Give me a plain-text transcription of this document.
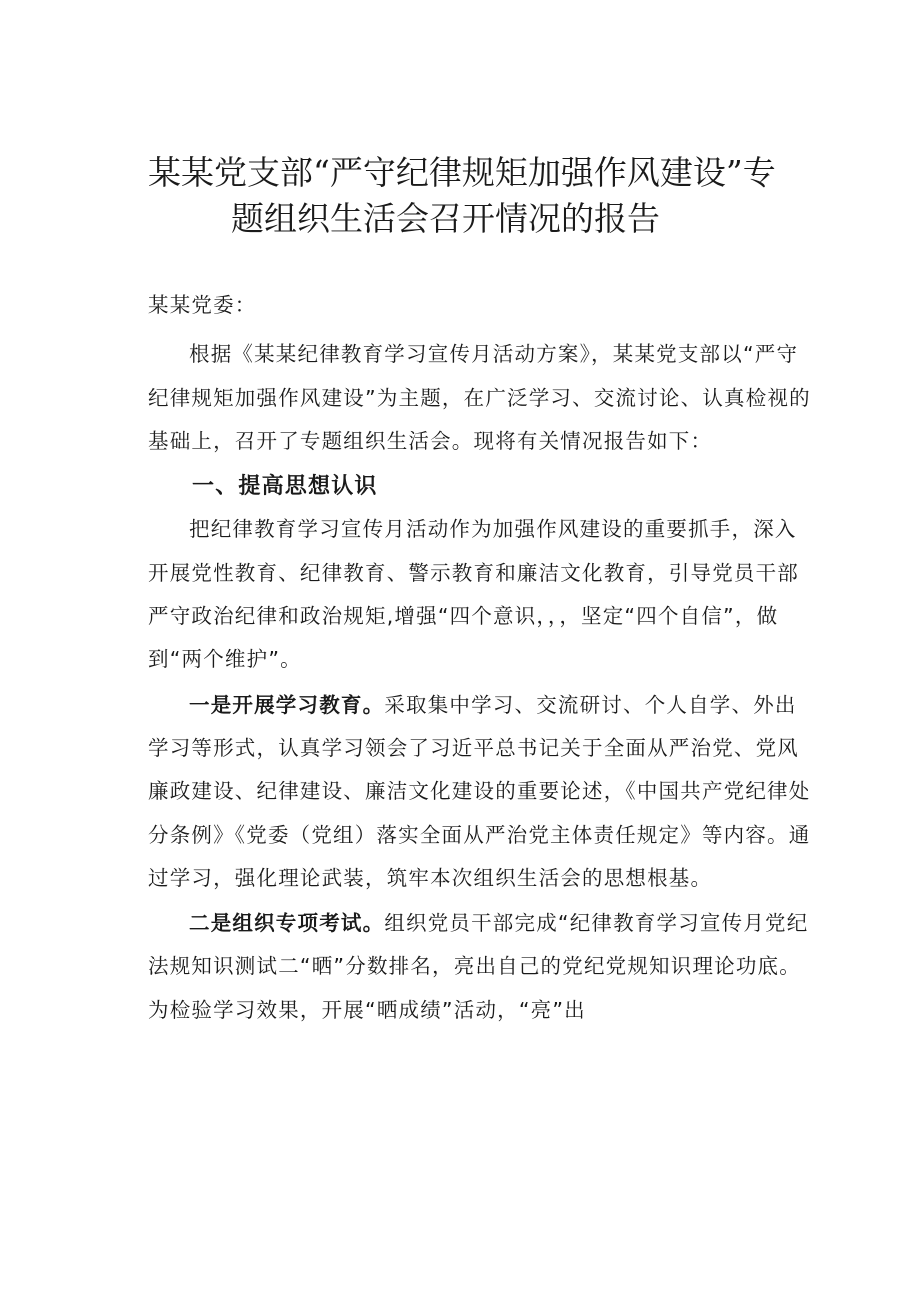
某某党支部“严守纪律规矩加强作风建设”专
题组织生活会召开情况的报告

某某党委：

根据《某某纪律教育学习宣传月活动方案》，某某党支部以“严守纪律规矩加强作风建设”为主题，在广泛学习、交流讨论、认真检视的基础上，召开了专题组织生活会。现将有关情况报告如下：

一、提高思想认识

把纪律教育学习宣传月活动作为加强作风建设的重要抓手，深入开展党性教育、纪律教育、警示教育和廉洁文化教育，引导党员干部严守政治纪律和政治规矩,增强“四个意识，，，坚定“四个自信”，做到“两个维护”。

一是开展学习教育。采取集中学习、交流研讨、个人自学、外出学习等形式，认真学习领会了习近平总书记关于全面从严治党、党风廉政建设、纪律建设、廉洁文化建设的重要论述，《中国共产党纪律处分条例》《党委（党组）落实全面从严治党主体责任规定》等内容。通过学习，强化理论武装，筑牢本次组织生活会的思想根基。

二是组织专项考试。组织党员干部完成“纪律教育学习宣传月党纪法规知识测试二“晒”分数排名，亮出自己的党纪党规知识理论功底。为检验学习效果，开展“晒成绩”活动，“亮”出
